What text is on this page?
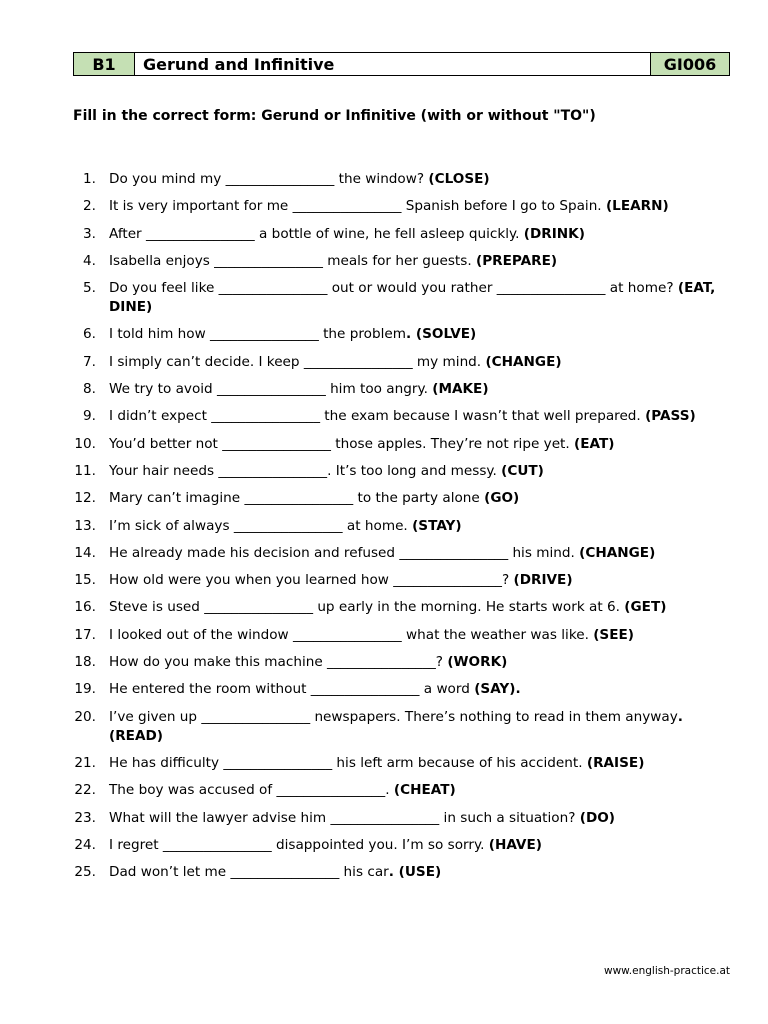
B1	Gerund and Infinitive	GI006
Fill in the correct form: Gerund or Infinitive (with or without "TO")
1. Do you mind my ________________ the window? (CLOSE)
2. It is very important for me ________________ Spanish before I go to Spain. (LEARN)
3. After ________________ a bottle of wine, he fell asleep quickly. (DRINK)
4. Isabella enjoys ________________ meals for her guests. (PREPARE)
5. Do you feel like ________________ out or would you rather ________________ at home? (EAT, DINE)
6. I told him how ________________ the problem. (SOLVE)
7. I simply can’t decide. I keep ________________ my mind. (CHANGE)
8. We try to avoid ________________ him too angry. (MAKE)
9. I didn’t expect ________________ the exam because I wasn’t that well prepared. (PASS)
10. You’d better not ________________ those apples. They’re not ripe yet. (EAT)
11. Your hair needs ________________. It’s too long and messy. (CUT)
12. Mary can’t imagine ________________ to the party alone (GO)
13. I’m sick of always ________________ at home. (STAY)
14. He already made his decision and refused ________________ his mind. (CHANGE)
15. How old were you when you learned how ________________? (DRIVE)
16. Steve is used ________________ up early in the morning. He starts work at 6. (GET)
17. I looked out of the window ________________ what the weather was like. (SEE)
18. How do you make this machine ________________? (WORK)
19. He entered the room without ________________ a word (SAY).
20. I’ve given up ________________ newspapers. There’s nothing to read in them anyway. (READ)
21. He has difficulty ________________ his left arm because of his accident. (RAISE)
22. The boy was accused of ________________. (CHEAT)
23. What will the lawyer advise him ________________ in such a situation? (DO)
24. I regret ________________ disappointed you. I’m so sorry. (HAVE)
25. Dad won’t let me ________________ his car. (USE)
www.english-practice.at
